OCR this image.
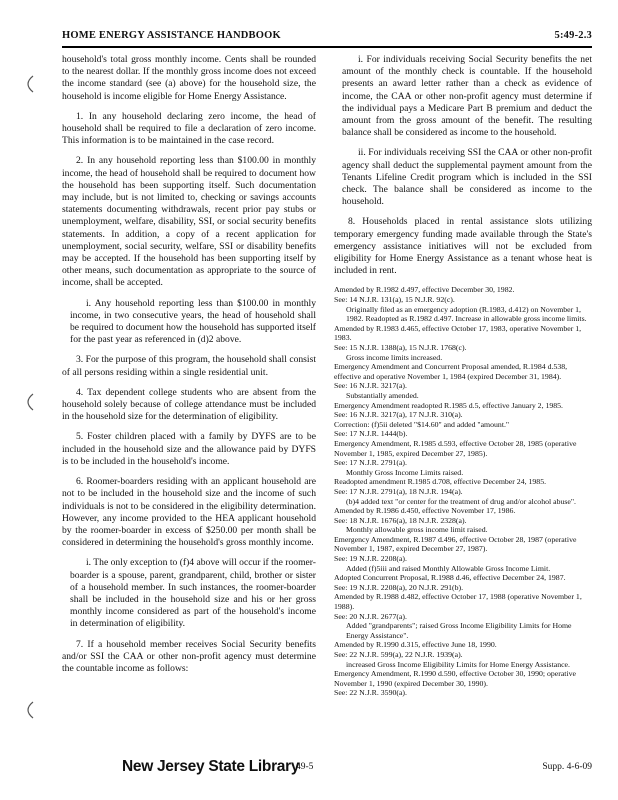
HOME ENERGY ASSISTANCE HANDBOOK	5:49-2.3

household's total gross monthly income. Cents shall be rounded to the nearest dollar. If the monthly gross income does not exceed the income standard (see (a) above) for the household size, the household is income eligible for Home Energy Assistance.

1. In any household declaring zero income, the head of household shall be required to file a declaration of zero income. This information is to be maintained in the case record.

2. In any household reporting less than $100.00 in monthly income, the head of household shall be required to document how the household has been supporting itself. Such documentation may include, but is not limited to, checking or savings accounts statements documenting withdrawals, recent prior pay stubs or unemployment, welfare, disability, SSI, or social security benefits statements. In addition, a copy of a recent application for unemployment, social security, welfare, SSI or disability benefits may be accepted. If the household has been supporting itself by other means, such documentation as appropriate to the source of income, shall be accepted.

i. Any household reporting less than $100.00 in monthly income, in two consecutive years, the head of household shall be required to document how the household has supported itself for the past year as referenced in (d)2 above.

3. For the purpose of this program, the household shall consist of all persons residing within a single residential unit.

4. Tax dependent college students who are absent from the household solely because of college attendance must be included in the household size for the determination of eligibility.

5. Foster children placed with a family by DYFS are to be included in the household size and the allowance paid by DYFS is to be included in the household's income.

6. Roomer-boarders residing with an applicant household are not to be included in the household size and the income of such individuals is not to be considered in the eligibility determination. However, any income provided to the HEA applicant household by the roomer-boarder in excess of $250.00 per month shall be considered in determining the household's gross monthly income.

i. The only exception to (f)4 above will occur if the roomer-boarder is a spouse, parent, grandparent, child, brother or sister of a household member. In such instances, the roomer-boarder shall be included in the household size and his or her gross monthly income considered as part of the household's income in determination of eligibility.

7. If a household member receives Social Security benefits and/or SSI the CAA or other non-profit agency must determine the countable income as follows:

i. For individuals receiving Social Security benefits the net amount of the monthly check is countable. If the household presents an award letter rather than a check as evidence of income, the CAA or other non-profit agency must determine if the individual pays a Medicare Part B premium and deduct the amount from the gross amount of the benefit. The resulting balance shall be considered as income to the household.

ii. For individuals receiving SSI the CAA or other non-profit agency shall deduct the supplemental payment amount from the Tenants Lifeline Credit program which is included in the SSI check. The balance shall be considered as income to the household.

8. Households placed in rental assistance slots utilizing temporary emergency funding made available through the State's emergency assistance initiatives will not be excluded from eligibility for Home Energy Assistance as a tenant whose heat is included in rent.

Amended by R.1982 d.497, effective December 30, 1982.
See: 14 N.J.R. 131(a), 15 N.J.R. 92(c).
Originally filed as an emergency adoption (R.1983, d.412) on November 1, 1982. Readopted as R.1982 d.497. Increase in allowable gross income limits.
Amended by R.1983 d.465, effective October 17, 1983, operative November 1, 1983.
See: 15 N.J.R. 1388(a), 15 N.J.R. 1768(c).
Gross income limits increased.
Emergency Amendment and Concurrent Proposal amended, R.1984 d.538, effective and operative November 1, 1984 (expired December 31, 1984).
See: 16 N.J.R. 3217(a).
Substantially amended.
Emergency Amendment readopted R.1985 d.5, effective January 2, 1985.
See: 16 N.J.R. 3217(a), 17 N.J.R. 310(a).
Correction: (f)5ii deleted "$14.60" and added "amount."
See: 17 N.J.R. 1444(b).
Emergency Amendment, R.1985 d.593, effective October 28, 1985 (operative November 1, 1985, expired December 27, 1985).
See: 17 N.J.R. 2791(a).
Monthly Gross Income Limits raised.
Readopted amendment R.1985 d.708, effective December 24, 1985.
See: 17 N.J.R. 2791(a), 18 N.J.R. 194(a).
(b)4 added text "or center for the treatment of drug and/or alcohol abuse".
Amended by R.1986 d.450, effective November 17, 1986.
See: 18 N.J.R. 1676(a), 18 N.J.R. 2328(a).
Monthly allowable gross income limit raised.
Emergency Amendment, R.1987 d.496, effective October 28, 1987 (operative November 1, 1987, expired December 27, 1987).
See: 19 N.J.R. 2208(a).
Added (f)5iii and raised Monthly Allowable Gross Income Limit.
Adopted Concurrent Proposal, R.1988 d.46, effective December 24, 1987.
See: 19 N.J.R. 2208(a), 20 N.J.R. 291(b).
Amended by R.1988 d.482, effective October 17, 1988 (operative November 1, 1988).
See: 20 N.J.R. 2677(a).
Added "grandparents"; raised Gross Income Eligibility Limits for Home Energy Assistance".
Amended by R.1990 d.315, effective June 18, 1990.
See: 22 N.J.R. 599(a), 22 N.J.R. 1939(a).
increased Gross Income Eligibility Limits for Home Energy Assistance.
Emergency Amendment, R.1990 d.590, effective October 30, 1990; operative November 1, 1990 (expired December 30, 1990).
See: 22 N.J.R. 3590(a).
New Jersey State Library
49-5	Supp. 4-6-09
